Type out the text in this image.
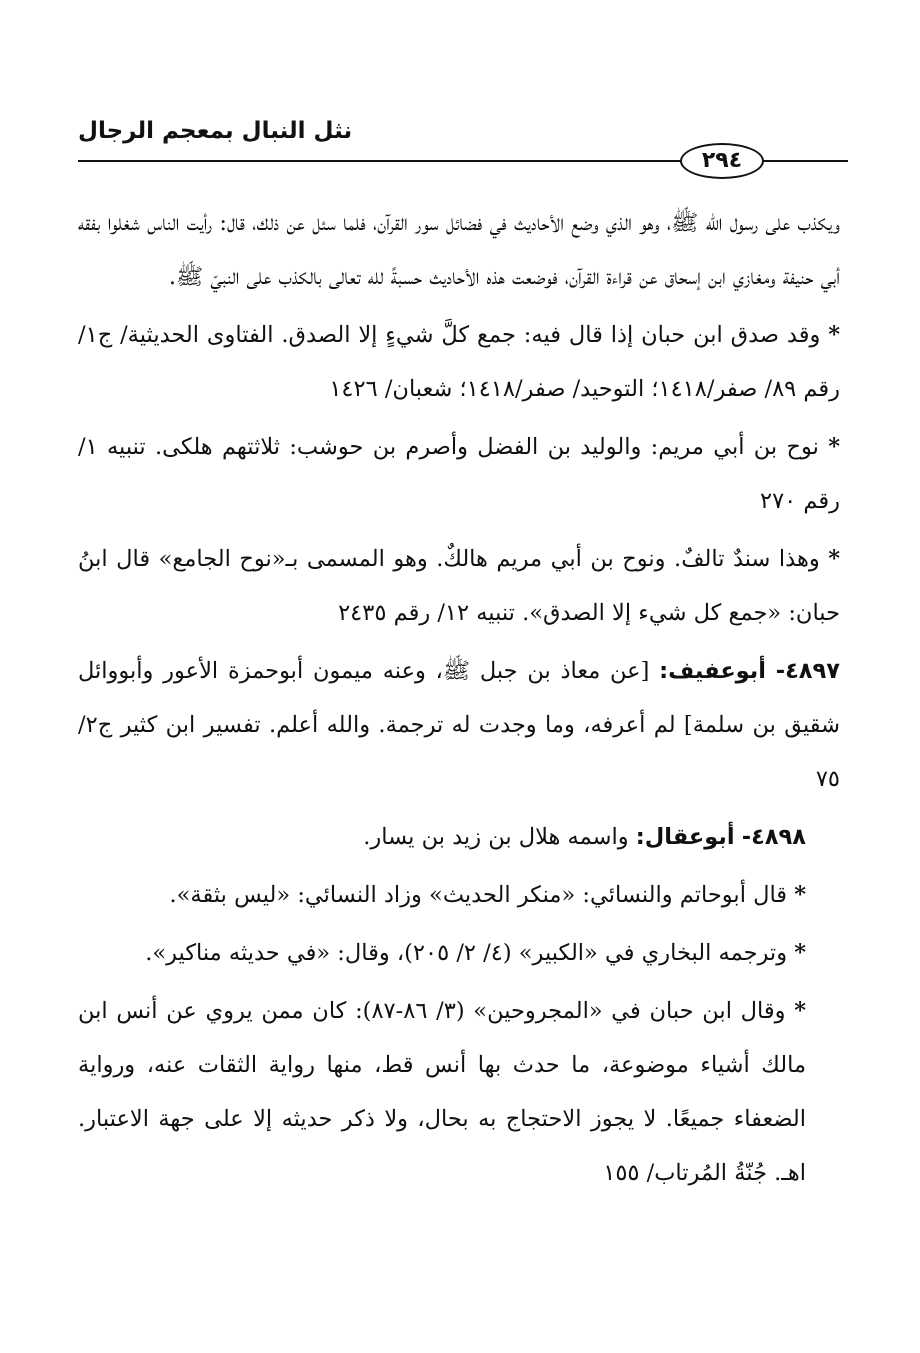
نثل النبال بمعجم الرجال
٢٩٤

ويكذب على رسول الله ﷺ، وهو الذي وضع الأحاديث في فضائل سور القرآن، فلما سئل عن ذلك، قال: رأيت الناس شغلوا بفقه أبي حنيفة ومغازي ابن إسحاق عن قراءة القرآن، فوضعت هذه الأحاديث حسبةً لله تعالى بالكذب على النبيّ ﷺ.

* وقد صدق ابن حبان إذا قال فيه: جمع كلَّ شيءٍ إلا الصدق. الفتاوى الحديثية/ ج١/ رقم ٨٩/ صفر/١٤١٨؛ التوحيد/ صفر/١٤١٨؛ شعبان/ ١٤٢٦

* نوح بن أبي مريم: والوليد بن الفضل وأصرم بن حوشب: ثلاثتهم هلكى. تنبيه ١/ رقم ٢٧٠

* وهذا سندٌ تالفٌ. ونوح بن أبي مريم هالكٌ. وهو المسمى بـ«نوح الجامع» قال ابنُ حبان: «جمع كل شيء إلا الصدق». تنبيه ١٢/ رقم ٢٤٣٥

٤٨٩٧- أبوعفيف: [عن معاذ بن جبل ﷺ، وعنه ميمون أبوحمزة الأعور وأبووائل شقيق بن سلمة] لم أعرفه، وما وجدت له ترجمة. والله أعلم. تفسير ابن كثير ج٢/ ٧٥

٤٨٩٨- أبوعقال: واسمه هلال بن زيد بن يسار.

* قال أبوحاتم والنسائي: «منكر الحديث» وزاد النسائي: «ليس بثقة».

* وترجمه البخاري في «الكبير» (٤/ ٢/ ٢٠٥)، وقال: «في حديثه مناكير».

* وقال ابن حبان في «المجروحين» (٣/ ٨٦-٨٧): كان ممن يروي عن أنس ابن مالك أشياء موضوعة، ما حدث بها أنس قط، منها رواية الثقات عنه، ورواية الضعفاء جميعًا. لا يجوز الاحتجاج به بحال، ولا ذكر حديثه إلا على جهة الاعتبار. اهـ. جُنّةُ المُرتاب/ ١٥٥
